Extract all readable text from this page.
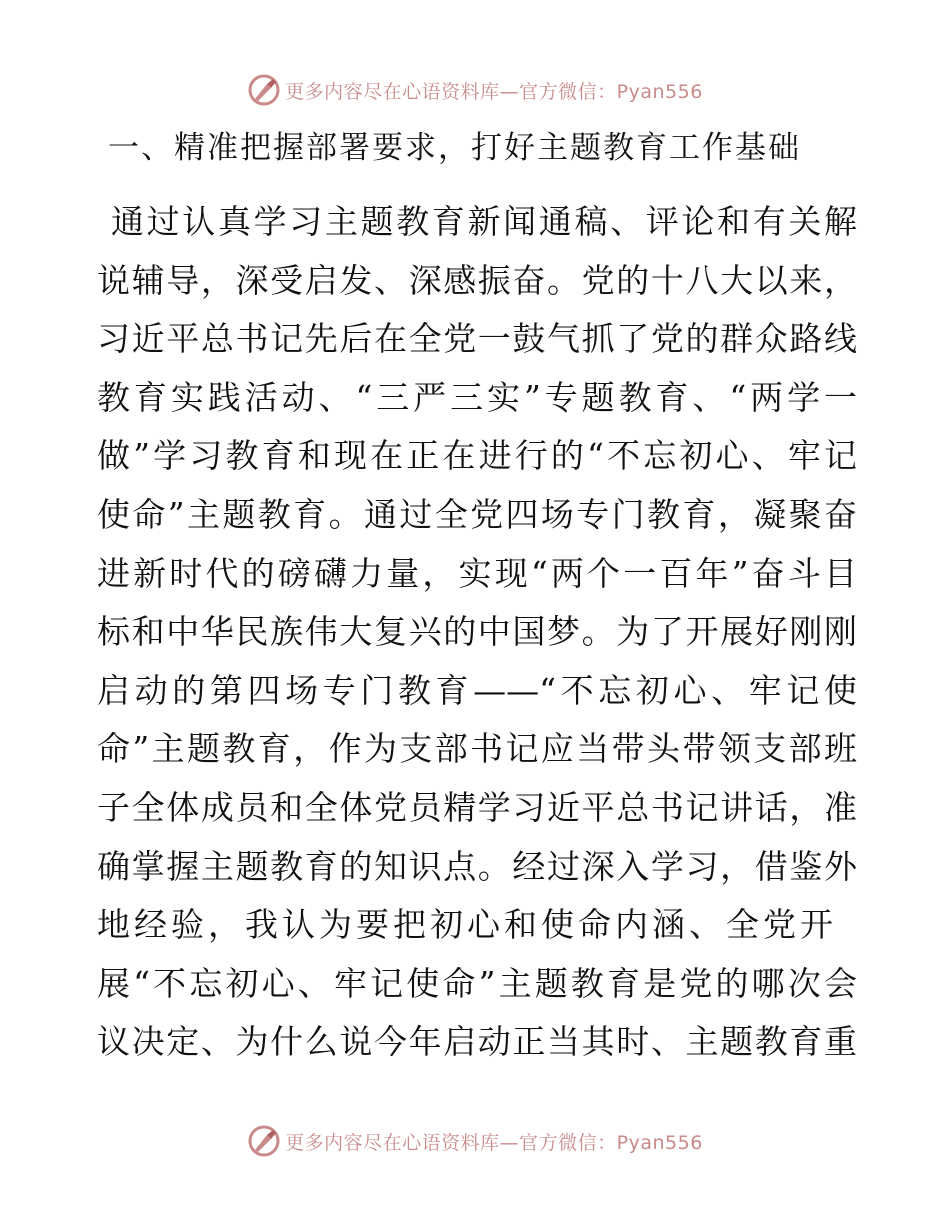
更多内容尽在心语资料库—官方微信：Pyan556
一、精准把握部署要求，打好主题教育工作基础
通过认真学习主题教育新闻通稿、评论和有关解
说辅导，深受启发、深感振奋。党的十八大以来，
习近平总书记先后在全党一鼓气抓了党的群众路线
教育实践活动、“三严三实”专题教育、“两学一
做”学习教育和现在正在进行的“不忘初心、牢记
使命”主题教育。通过全党四场专门教育，凝聚奋
进新时代的磅礴力量，实现“两个一百年”奋斗目
标和中华民族伟大复兴的中国梦。为了开展好刚刚
启动的第四场专门教育——“不忘初心、牢记使
命”主题教育，作为支部书记应当带头带领支部班
子全体成员和全体党员精学习近平总书记讲话，准
确掌握主题教育的知识点。经过深入学习，借鉴外
地经验，我认为要把初心和使命内涵、全党开
展“不忘初心、牢记使命”主题教育是党的哪次会
议决定、为什么说今年启动正当其时、主题教育重
更多内容尽在心语资料库—官方微信：Pyan556
